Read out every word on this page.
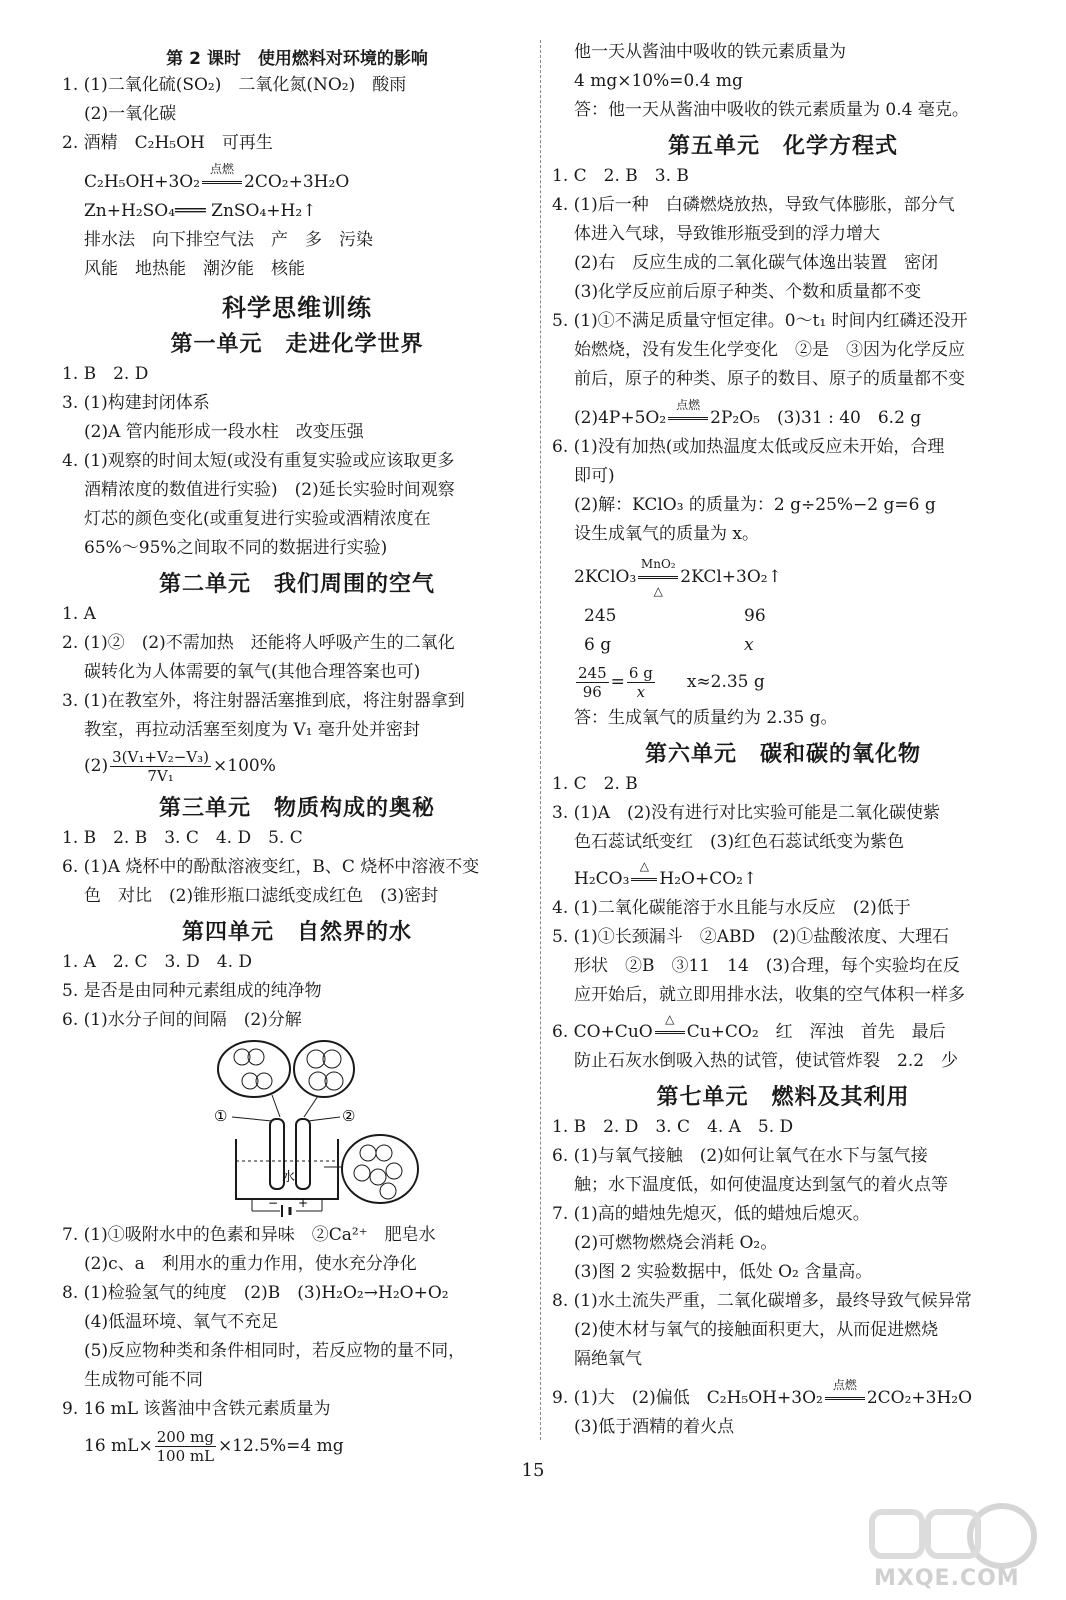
第 2 课时　使用燃料对环境的影响
1. (1)二氧化硫(SO₂)　二氧化氮(NO₂)　酸雨
(2)一氧化碳
2. 酒精　C₂H₅OH　可再生
C₂H₅OH+3O₂
点燃
2CO₂+3H₂O
Zn+H₂SO₄═══ ZnSO₄+H₂↑
排水法　向下排空气法　产　多　污染
风能　地热能　潮汐能　核能
科学思维训练
第一单元　走进化学世界
1. B　2. D
3. (1)构建封闭体系
(2)A 管内能形成一段水柱　改变压强
4. (1)观察的时间太短(或没有重复实验或应该取更多
酒精浓度的数值进行实验)　(2)延长实验时间观察
灯芯的颜色变化(或重复进行实验或酒精浓度在
65%～95%之间取不同的数据进行实验)
第二单元　我们周围的空气
1. A
2. (1)②　(2)不需加热　还能将人呼吸产生的二氧化
碳转化为人体需要的氧气(其他合理答案也可)
3. (1)在教室外，将注射器活塞推到底，将注射器拿到
教室，再拉动活塞至刻度为 V₁ 毫升处并密封
$(2) \frac{\text{3(V₁+V₂−V₃)}}{\text{7V₁}} \times 100\%$
第三单元　物质构成的奥秘
1. B　2. B　3. C　4. D　5. C
6. (1)A 烧杯中的酚酞溶液变红，B、C 烧杯中溶液不变
色　对比　(2)锥形瓶口滤纸变成红色　(3)密封
第四单元　自然界的水
1. A　2. C　3. D　4. D
5. 是否是由同种元素组成的纯净物
6. (1)水分子间的间隔　(2)分解
①	②
水
− +
7. (1)①吸附水中的色素和异味　②Ca²⁺　肥皂水
(2)c、a　利用水的重力作用，使水充分净化
8. (1)检验氢气的纯度　(2)B　(3)H₂O₂→H₂O+O₂
(4)低温环境、氧气不充足
(5)反应物种类和条件相同时，若反应物的量不同，
生成物可能不同
9. 16 mL 该酱油中含铁元素质量为
16 $mL\times \frac{200 mg}{100 mL} \times 12.5\%=4$ mg
他一天从酱油中吸收的铁元素质量为
4 mg×10%=0.4 mg
答：他一天从酱油中吸收的铁元素质量为 0.4 毫克。
第五单元　化学方程式
1. C　2. B　3. B
4. (1)后一种　白磷燃烧放热，导致气体膨胀，部分气
体进入气球，导致锥形瓶受到的浮力增大
(2)右　反应生成的二氧化碳气体逸出装置　密闭
(3)化学反应前后原子种类、个数和质量都不变
5. (1)①不满足质量守恒定律。0～t₁ 时间内红磷还没开
始燃烧，没有发生化学变化　②是　③因为化学反应
前后，原子的种类、原子的数目、原子的质量都不变
(2)4P+5O₂
点燃
2P₂O₅　(3)31 : 40　6.2 g
6. (1)没有加热(或加热温度太低或反应未开始，合理
即可)
(2)解：KClO₃ 的质量为：2 g÷25%−2 g=6 g
设生成氧气的质量为 x。
2KClO₃
MnO₂
△
2KCl+3O₂↑
245	96
6 g	x
$\frac{245}{96} = \frac{6 g}{x} x\approx 2.35$ g
答：生成氧气的质量约为 2.35 g。
第六单元　碳和碳的氧化物
1. C　2. B
3. (1)A　(2)没有进行对比实验可能是二氧化碳使紫
色石蕊试纸变红　(3)红色石蕊试纸变为紫色
H₂CO₃
△
H₂O+CO₂↑
4. (1)二氧化碳能溶于水且能与水反应　(2)低于
5. (1)①长颈漏斗　②ABD　(2)①盐酸浓度、大理石
形状　②B　③11　14　(3)合理，每个实验均在反
应开始后，就立即用排水法，收集的空气体积一样多
6. CO+CuO
△
Cu+CO₂　红　浑浊　首先　最后
防止石灰水倒吸入热的试管，使试管炸裂　2.2　少
第七单元　燃料及其利用
1. B　2. D　3. C　4. A　5. D
6. (1)与氧气接触　(2)如何让氧气在水下与氢气接
触；水下温度低，如何使温度达到氢气的着火点等
7. (1)高的蜡烛先熄灭，低的蜡烛后熄灭。
(2)可燃物燃烧会消耗 O₂。
(3)图 2 实验数据中，低处 O₂ 含量高。
8. (1)水土流失严重，二氧化碳增多，最终导致气候异常
(2)使木材与氧气的接触面积更大，从而促进燃烧
隔绝氧气
9. (1)大　(2)偏低　C₂H₅OH+3O₂
点燃
2CO₂+3H₂O
(3)低于酒精的着火点
15
MXQE.COM
